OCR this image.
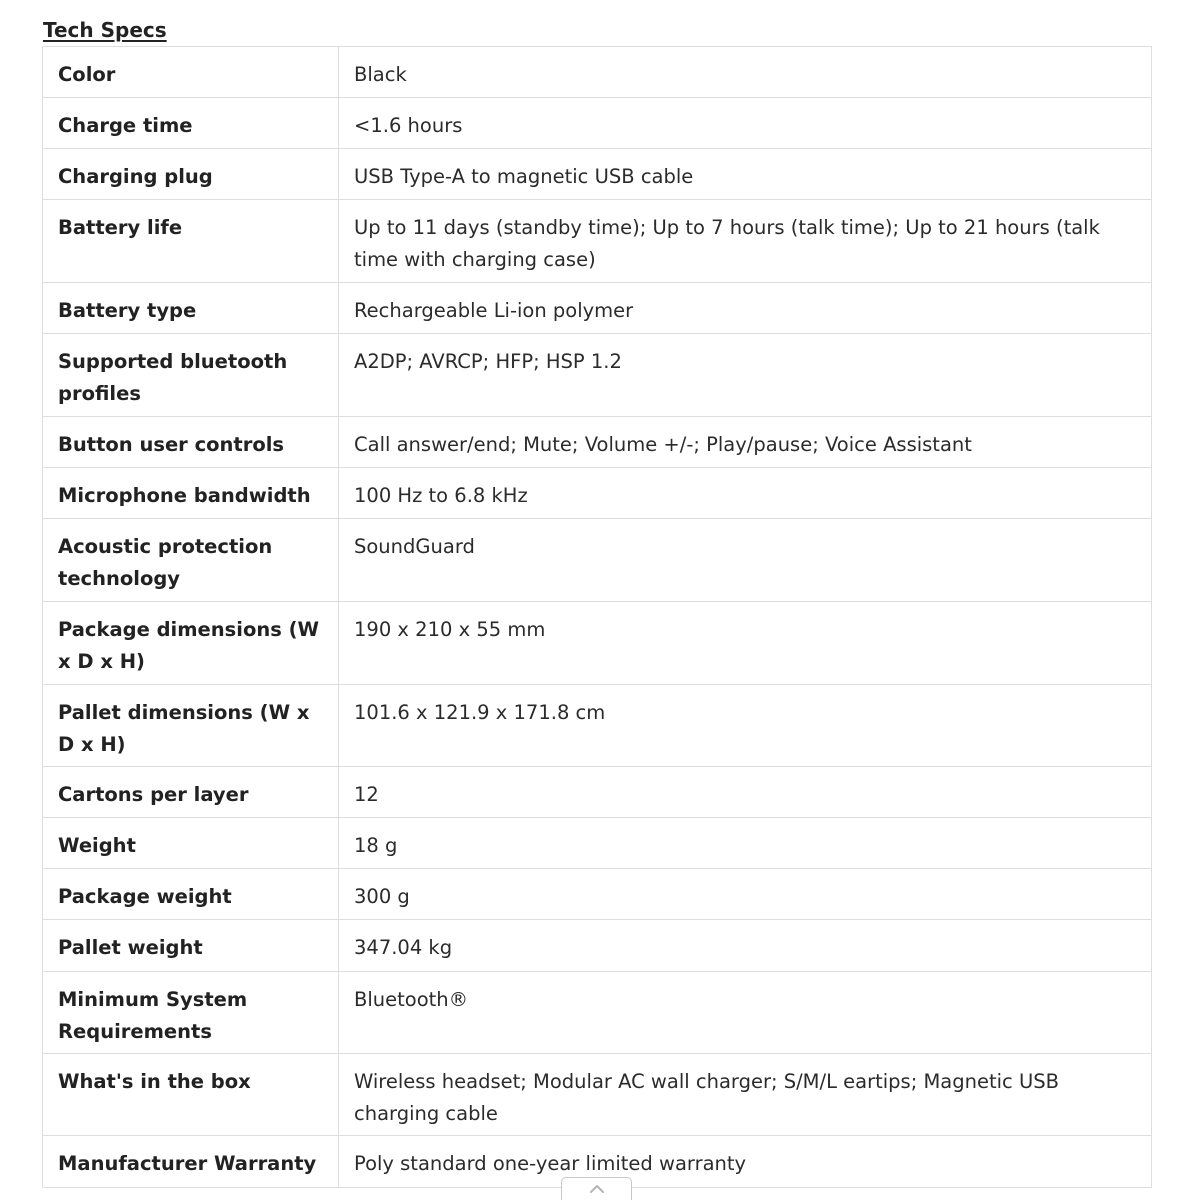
Tech Specs
Color	Black
Charge time	<1.6 hours
Charging plug	USB Type-A to magnetic USB cable
Battery life	Up to 11 days (standby time); Up to 7 hours (talk time); Up to 21 hours (talk time with charging case)
Battery type	Rechargeable Li-ion polymer
Supported bluetooth profiles	A2DP; AVRCP; HFP; HSP 1.2
Button user controls	Call answer/end; Mute; Volume +/-; Play/pause; Voice Assistant
Microphone bandwidth	100 Hz to 6.8 kHz
Acoustic protection technology	SoundGuard
Package dimensions (W x D x H)	190 x 210 x 55 mm
Pallet dimensions (W x D x H)	101.6 x 121.9 x 171.8 cm
Cartons per layer	12
Weight	18 g
Package weight	300 g
Pallet weight	347.04 kg
Minimum System Requirements	Bluetooth®
What's in the box	Wireless headset; Modular AC wall charger; S/M/L eartips; Magnetic USB charging cable
Manufacturer Warranty	Poly standard one-year limited warranty
